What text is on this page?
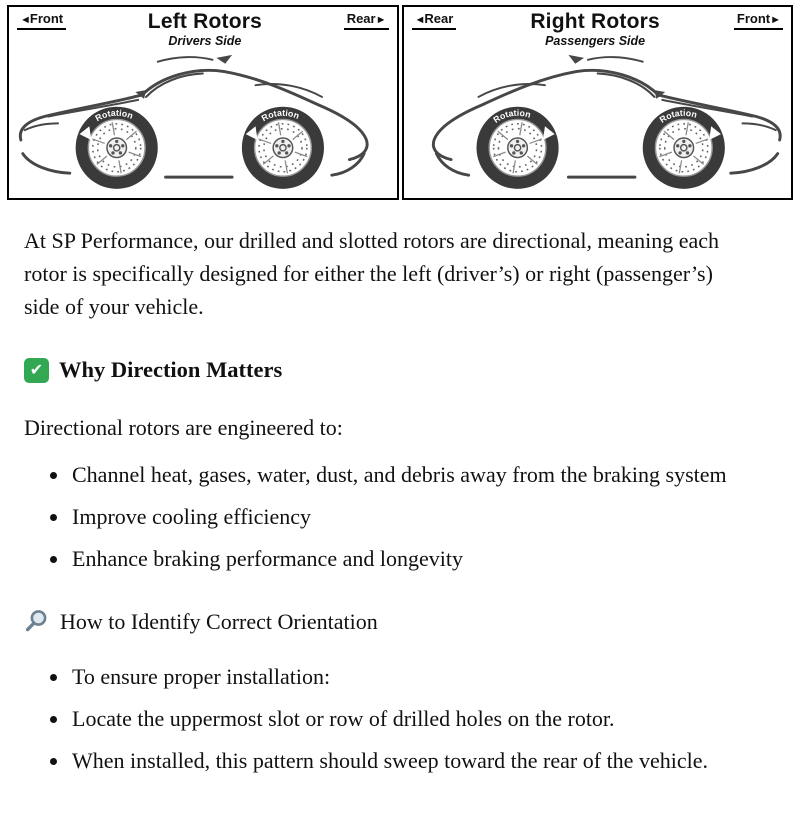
◄Front	Left Rotors
Drivers Side
Rear►
Rotation	Rotation
◄Rear	Right Rotors
Passengers Side
Front►
Rotation
Rotation

At SP Performance, our drilled and slotted rotors are directional, meaning each rotor is specifically designed for either the left (driver’s) or right (passenger’s) side of your vehicle.

✔ Why Direction Matters

Directional rotors are engineered to:

• Channel heat, gases, water, dust, and debris away from the braking system
• Improve cooling efficiency
• Enhance braking performance and longevity
How to Identify Correct Orientation
• To ensure proper installation:
• Locate the uppermost slot or row of drilled holes on the rotor.
• When installed, this pattern should sweep toward the rear of the vehicle.
